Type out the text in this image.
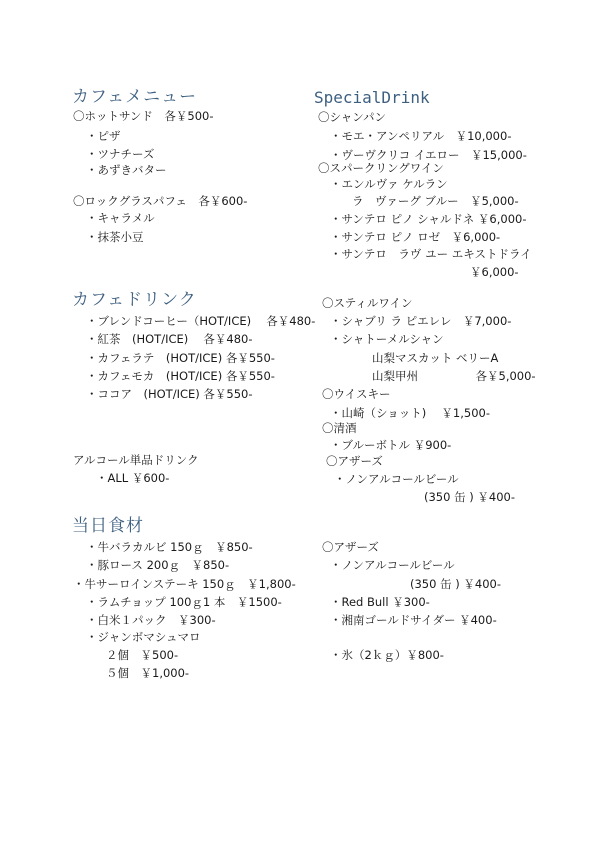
カフェメニュー
〇ホットサンド　各￥500-
・ピザ
・ツナチーズ
・あずきバター
〇ロックグラスパフェ　各￥600-
・キャラメル
・抹茶小豆
カフェドリンク
・ブレンドコーヒー（HOT/ICE)　 各￥480-
・紅茶　(HOT/ICE)　 各￥480-
・カフェラテ　(HOT/ICE) 各￥550-
・カフェモカ　(HOT/ICE) 各￥550-
・ココア　(HOT/ICE) 各￥550-
アルコール単品ドリンク
・ALL ￥600-
当日食材
・牛バラカルビ 150ｇ　￥850-
・豚ロース 200ｇ　￥850-
・牛サーロインステーキ 150ｇ　￥1,800-
・ラムチョップ 100ｇ1 本　￥1500-
・白米１パック　￥300-
・ジャンボマシュマロ
２個　￥500-
５個　￥1,000-
SpecialDrink
〇シャンパン
・モエ・アンペリアル　￥10,000-
・ヴーヴクリコ イエロー　￥15,000-
〇スパークリングワイン
・エンルヴァ ケルラン
ラ　ヴァーグ ブルー　￥5,000-
・サンテロ ピノ シャルドネ ￥6,000-
・サンテロ ピノ ロゼ　￥6,000-
・サンテロ　ラヴ ユー エキストドライ
￥6,000-
〇スティルワイン
・シャブリ ラ ピエレレ　￥7,000-
・シャトーメルシャン
山梨マスカット ベリーA
山梨甲州　　　　　各￥5,000-
〇ウイスキー
・山崎（ショット)　 ￥1,500-
〇清酒
・ブルーボトル ￥900-
〇アザーズ
・ノンアルコールビール
(350 缶 ) ￥400-
〇アザーズ
・ノンアルコールビール
(350 缶 ) ￥400-
・Red Bull ￥300-
・湘南ゴールドサイダー ￥400-
・氷（2ｋｇ）￥800-
